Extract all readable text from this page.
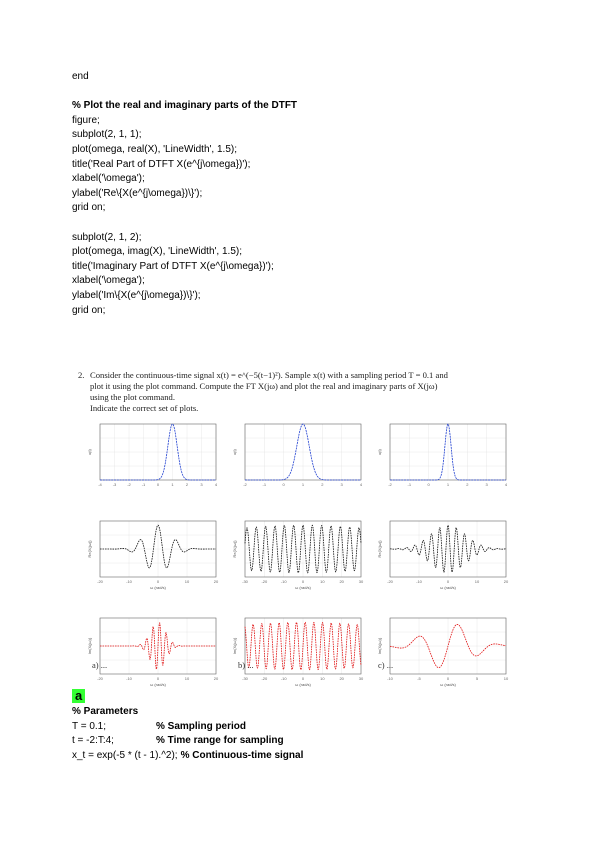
end
% Plot the real and imaginary parts of the DTFT
figure;
subplot(2, 1, 1);
plot(omega, real(X), 'LineWidth', 1.5);
title('Real Part of DTFT X(e^{j\omega})');
xlabel('\omega');
ylabel('Re\{X(e^{j\omega})\}');
grid on;
subplot(2, 1, 2);
plot(omega, imag(X), 'LineWidth', 1.5);
title('Imaginary Part of DTFT X(e^{j\omega})');
xlabel('\omega');
ylabel('Im\{X(e^{j\omega})\}');
grid on;
2. Consider the continuous-time signal x(t) = e^(−5(t−1)²). Sample x(t) with a sampling period T = 0.1 and
plot it using the plot command. Compute the FT X(jω) and plot the real and imaginary parts of X(jω)
using the plot command.
Indicate the correct set of plots.
-4	-3	-2	-1	0	1	2	3	4
x(t)
-2	-1	0	1	2	3	4
x(t)
-2	-1	0	1	2	3	4
x(t)
-20	-10	0	10	20
Re{X(jω)}
ω (rad/s)
-30	-20	-10	0	10	20	30
Re{X(jω)}
ω (rad/s)
-20	-10	0	10	20
Re{X(jω)}
ω (rad/s)
-20	-10	0	10	20
Im{X(jω)}
ω (rad/s)
-30	-20	-10	0	10	20	30
Im{X(jω)}
ω (rad/s)
-10	-5	0	5	10
Im{X(jω)}
ω (rad/s)
a) ...	b) ...	c) ...
a
% Parameters
T = 0.1;	% Sampling period
t = -2:T:4;	% Time range for sampling
x_t = exp(-5 * (t - 1).^2); % Continuous-time signal
